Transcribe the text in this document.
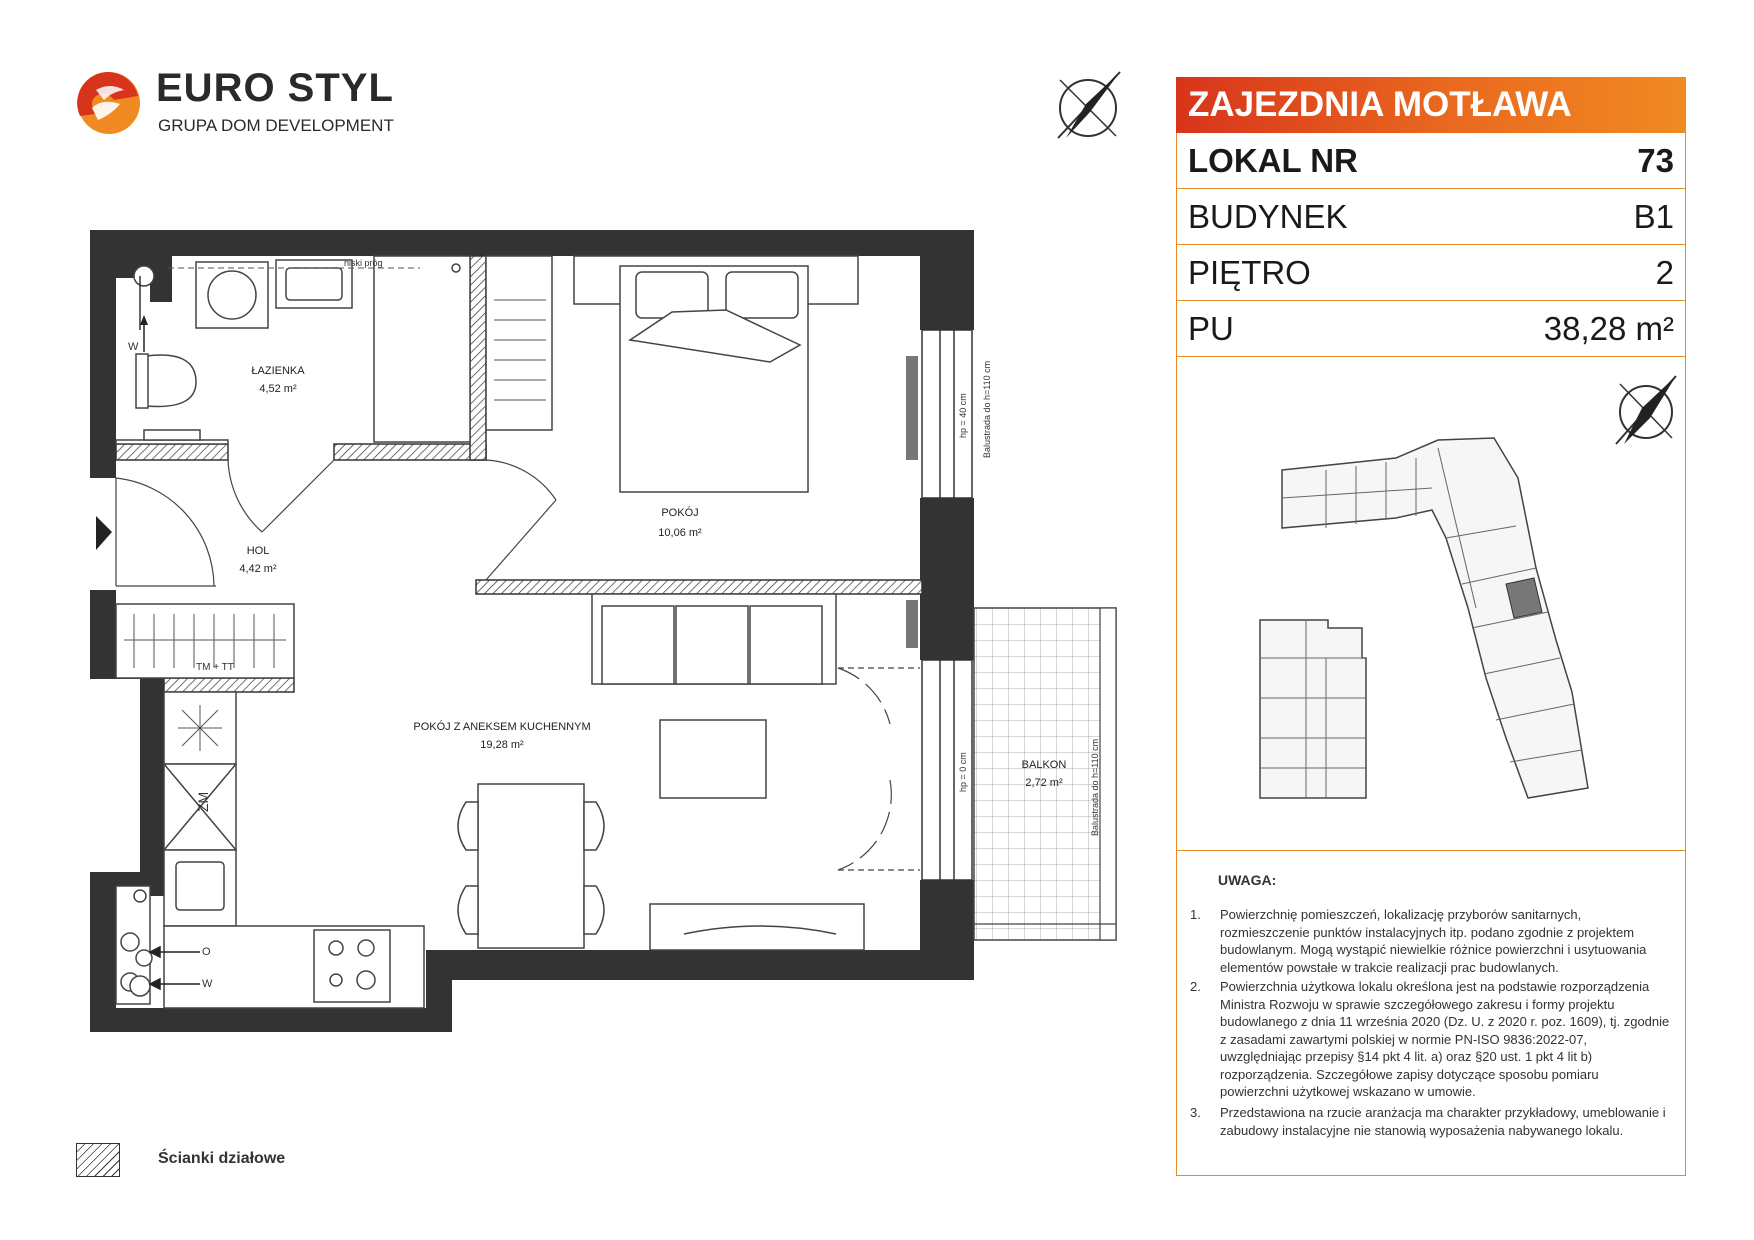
EURO STYL
GRUPA DOM DEVELOPMENT
ŁAZIENKA
4,52 m²
HOL
4,42 m²
POKÓJ
10,06 m²
POKÓJ Z ANEKSEM KUCHENNYM
19,28 m²
BALKON
2,72 m²
niski próg
TM + TT
W
O
W
ZM
hp = 40 cm Balustrada do h=110 cm
hp = 0 cm	Balustrada do h=110 cm
ZAJEZDNIA MOTŁAWA
LOKAL NR	73
BUDYNEK	B1
PIĘTRO	2
PU	38,28 m²
UWAGA:
1. Powierzchnię pomieszczeń, lokalizację przyborów sanitarnych, rozmieszczenie punktów instalacyjnych itp. podano zgodnie z projektem budowlanym. Mogą wystąpić niewielkie różnice powierzchni i usytuowania elementów powstałe w trakcie realizacji prac budowlanych.
2. Powierzchnia użytkowa lokalu określona jest na podstawie rozporządzenia Ministra Rozwoju w sprawie szczegółowego zakresu i formy projektu budowlanego z dnia 11 września 2020 (Dz. U. z 2020 r. poz. 1609), tj. zgodnie z zasadami zawartymi polskiej w normie PN-ISO 9836:2022-07, uwzględniając przepisy §14 pkt 4 lit. a) oraz §20 ust. 1 pkt 4 lit b) rozporządzenia. Szczegółowe zapisy dotyczące sposobu pomiaru powierzchni użytkowej wskazano w umowie.
3. Przedstawiona na rzucie aranżacja ma charakter przykładowy, umeblowanie i zabudowy instalacyjne nie stanowią wyposażenia nabywanego lokalu.
Ścianki działowe
